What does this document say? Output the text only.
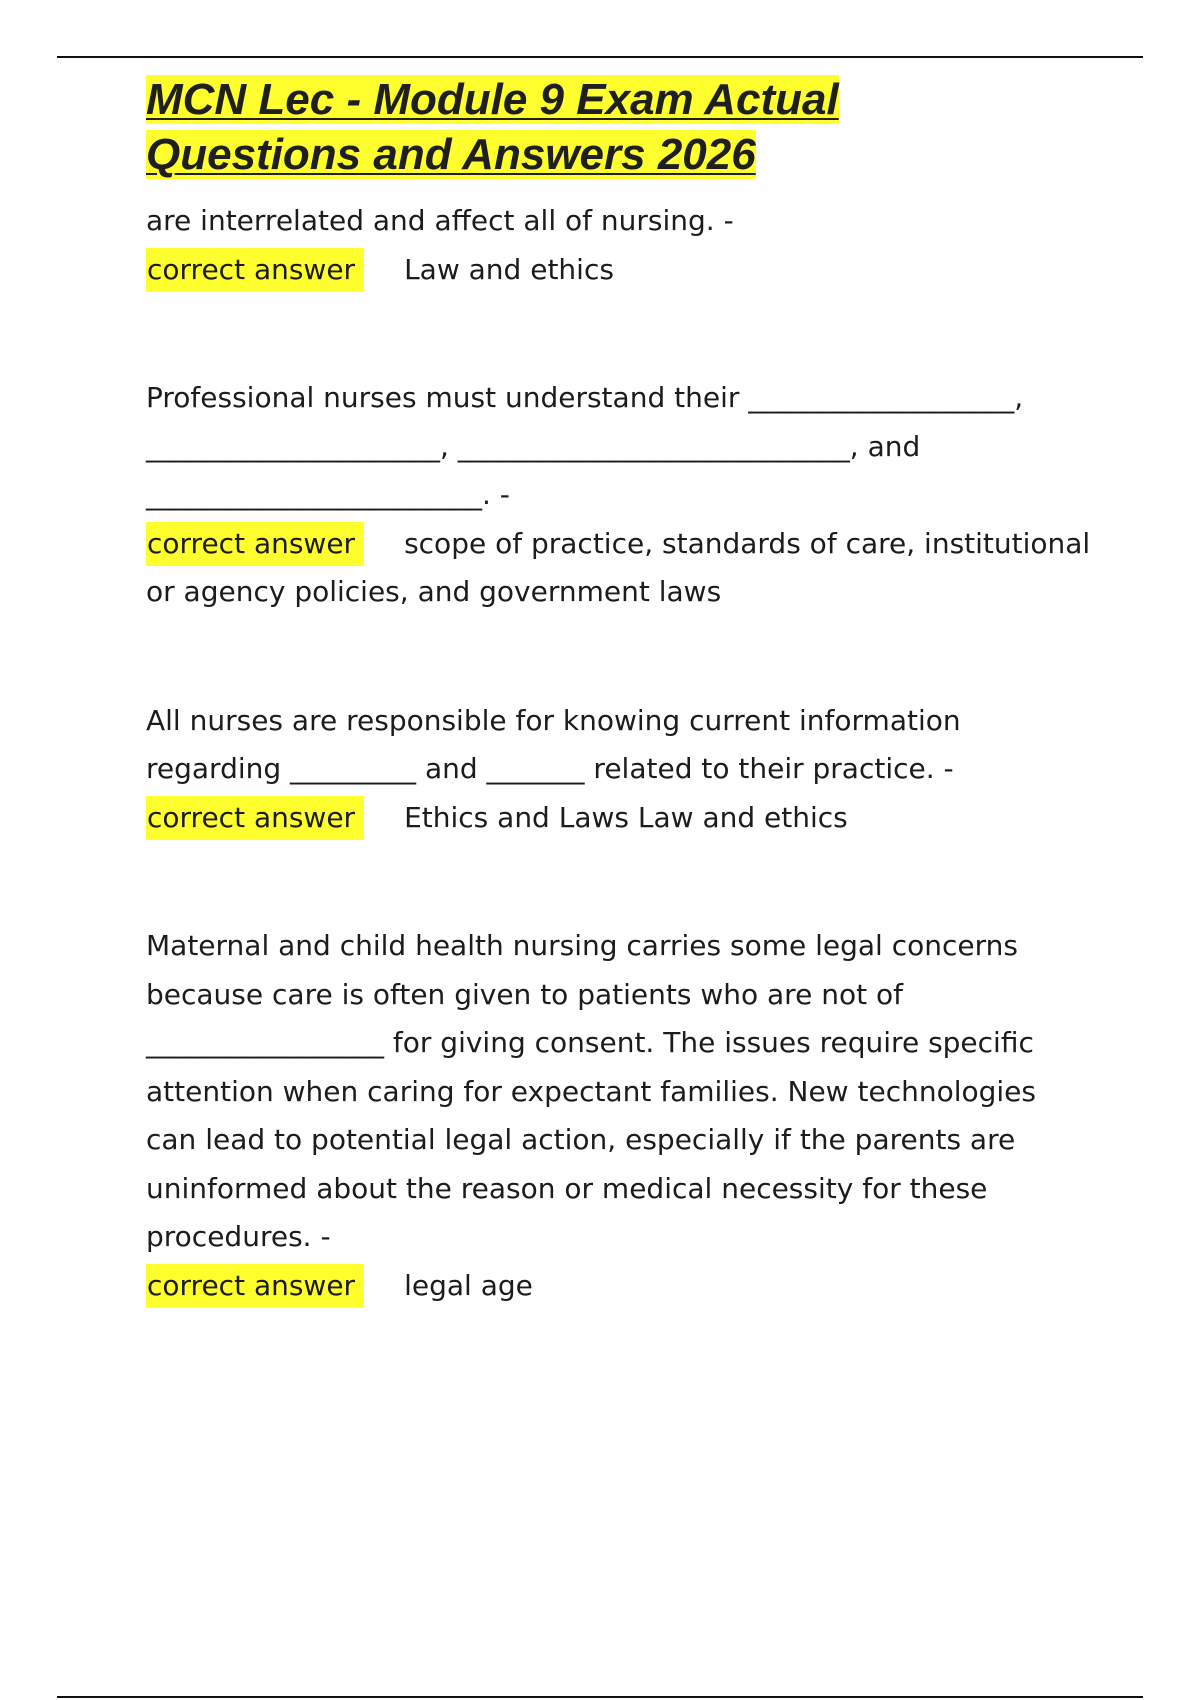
MCN Lec - Module 9 Exam Actual
Questions and Answers 2026

are interrelated and affect all of nursing. -

correct answer Law and ethics

Professional nurses must understand their ___________________, _____________________, ____________________________, and ________________________. -

correct answer scope of practice, standards of care, institutional or agency policies, and government laws

All nurses are responsible for knowing current information regarding _________ and _______ related to their practice. -

correct answer Ethics and Laws Law and ethics

Maternal and child health nursing carries some legal concerns because care is often given to patients who are not of _________________ for giving consent. The issues require specific attention when caring for expectant families. New technologies can lead to potential legal action, especially if the parents are uninformed about the reason or medical necessity for these procedures. -

correct answer legal age
